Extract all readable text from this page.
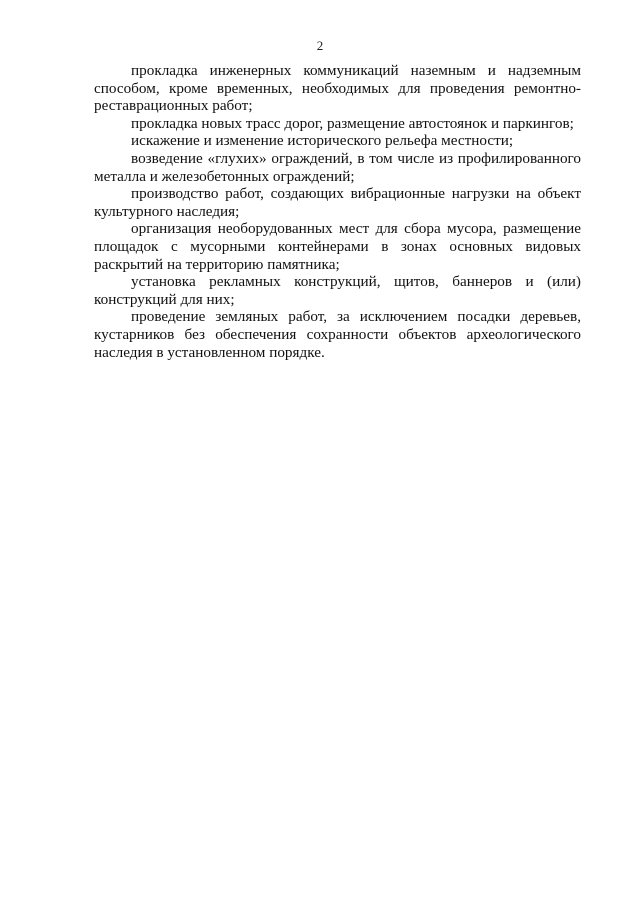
2

прокладка инженерных коммуникаций наземным и надземным способом, кроме временных, необходимых для проведения ремонтно-реставрационных работ;

прокладка новых трасс дорог, размещение автостоянок и паркингов;

искажение и изменение исторического рельефа местности;

возведение «глухих» ограждений, в том числе из профилированного металла и железобетонных ограждений;

производство работ, создающих вибрационные нагрузки на объект культурного наследия;

организация необорудованных мест для сбора мусора, размещение площадок с мусорными контейнерами в зонах основных видовых раскрытий на территорию памятника;

установка рекламных конструкций, щитов, баннеров и (или) конструкций для них;

проведение земляных работ, за исключением посадки деревьев, кустарников без обеспечения сохранности объектов археологического наследия в установленном порядке.
